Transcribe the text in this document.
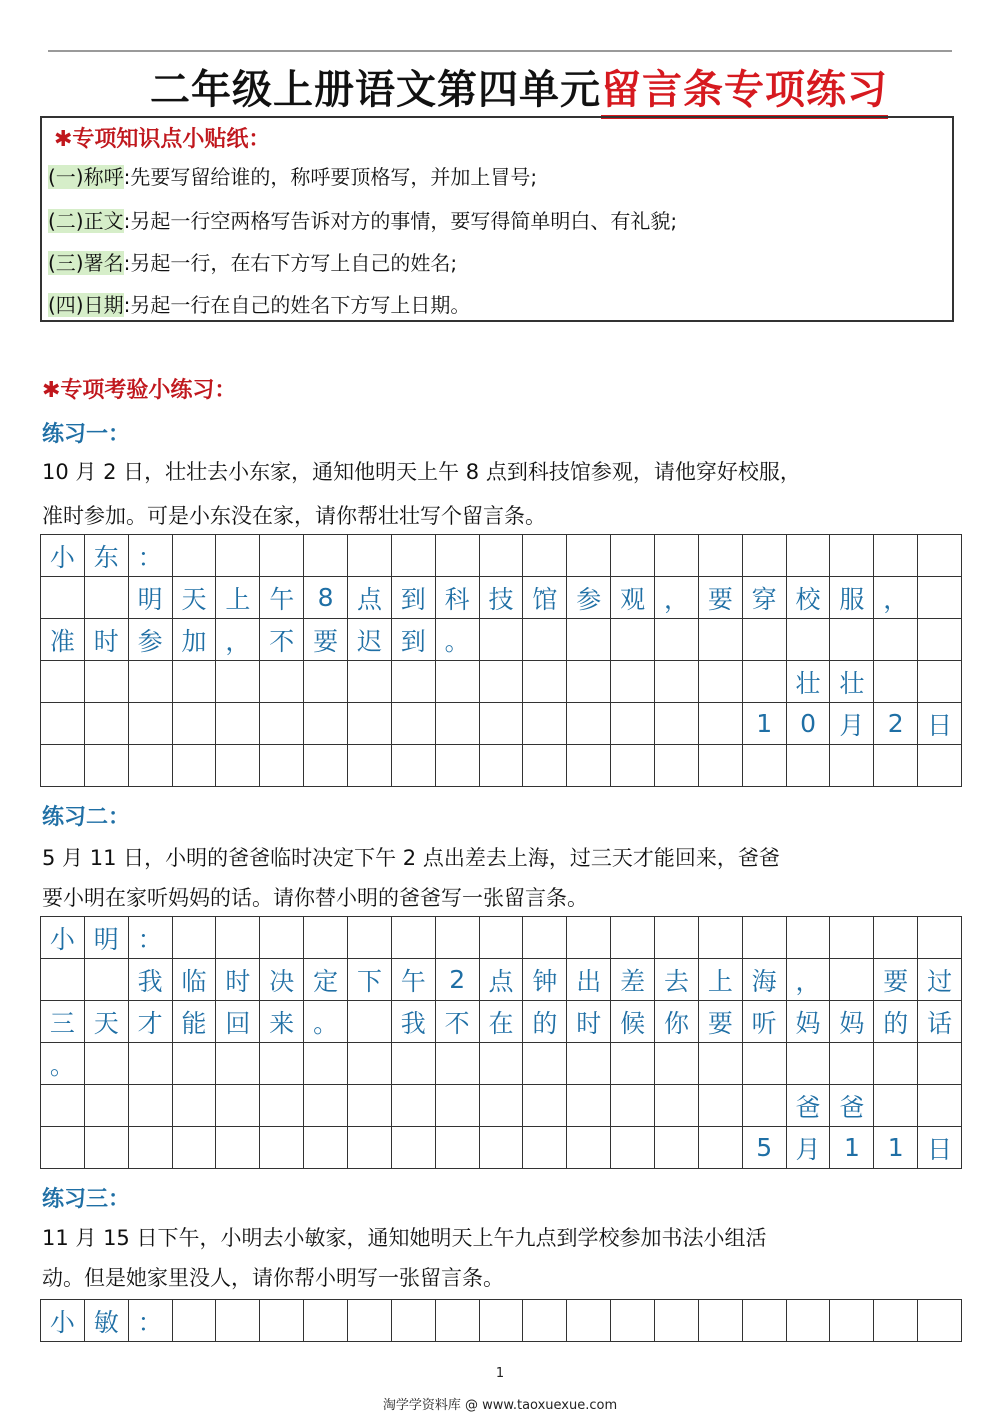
二年级上册语文第四单元留言条专项练习
✱专项知识点小贴纸：
(一)称呼:先要写留给谁的，称呼要顶格写，并加上冒号;
(二)正文:另起一行空两格写告诉对方的事情，要写得简单明白、有礼貌;
(三)署名:另起一行，在右下方写上自己的姓名;
(四)日期:另起一行在自己的姓名下方写上日期。
✱专项考验小练习：
练习一：
10 月 2 日，壮壮去小东家，通知他明天上午 8 点到科技馆参观，请他穿好校服，
准时参加。可是小东没在家，请你帮壮壮写个留言条。
小 东 ：
明 天 上 午 8 点 到 科 技 馆 参 观 ， 要 穿 校 服 ，
准 时 参 加 ， 不 要 迟 到 。
壮 壮
1	0 月 2 日
练习二：
5 月 11 日，小明的爸爸临时决定下午 2 点出差去上海，过三天才能回来，爸爸
要小明在家听妈妈的话。请你替小明的爸爸写一张留言条。
小 明 ：
我 临 时 决 定 下 午 2 点 钟 出 差 去 上 海 ，	要 过
三 天 才 能 回 来 。	我 不 在 的 时 候 你 要 听 妈 妈 的 话
。
爸 爸
5 月 1	1 日
练习三：
11 月 15 日下午，小明去小敏家，通知她明天上午九点到学校参加书法小组活
动。但是她家里没人，请你帮小明写一张留言条。
小 敏 ：
1
淘学学资料库 @ www.taoxuexue.com
